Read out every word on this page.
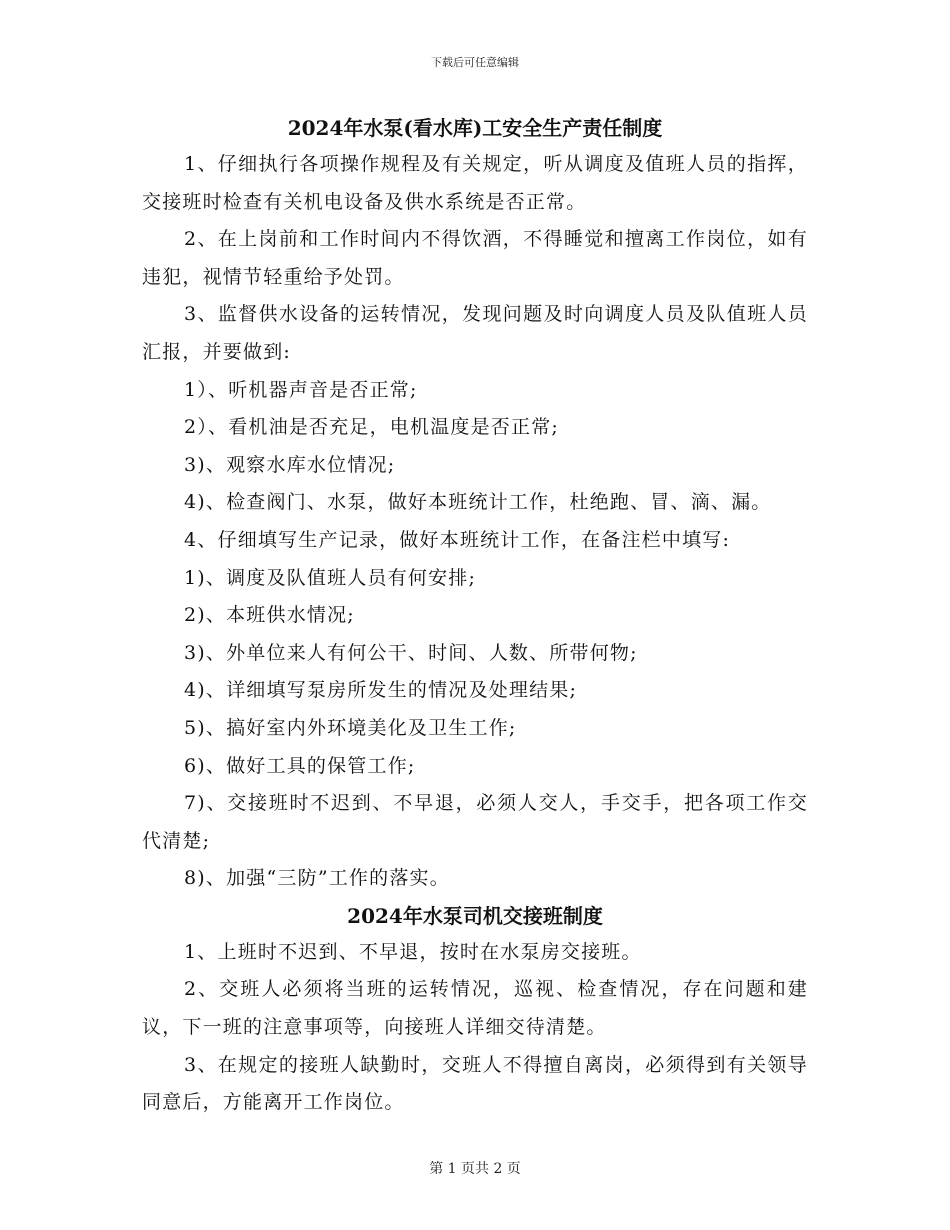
下载后可任意编辑
2024年水泵(看水库)工安全生产责任制度

1、仔细执行各项操作规程及有关规定，听从调度及值班人员的指挥，交接班时检查有关机电设备及供水系统是否正常。

2、在上岗前和工作时间内不得饮酒，不得睡觉和擅离工作岗位，如有违犯，视情节轻重给予处罚。

3、监督供水设备的运转情况，发现问题及时向调度人员及队值班人员汇报，并要做到:

1）、听机器声音是否正常;

2）、看机油是否充足，电机温度是否正常;

3)、观察水库水位情况;

4)、检查阀门、水泵，做好本班统计工作，杜绝跑、冒、滴、漏。

4、仔细填写生产记录，做好本班统计工作，在备注栏中填写:

1)、调度及队值班人员有何安排;

2)、本班供水情况;

3)、外单位来人有何公干、时间、人数、所带何物;

4)、详细填写泵房所发生的情况及处理结果;

5)、搞好室内外环境美化及卫生工作;

6)、做好工具的保管工作;

7)、交接班时不迟到、不早退，必须人交人，手交手，把各项工作交代清楚;

8)、加强“三防”工作的落实。

2024年水泵司机交接班制度

1、上班时不迟到、不早退，按时在水泵房交接班。

2、交班人必须将当班的运转情况，巡视、检查情况，存在问题和建议，下一班的注意事项等，向接班人详细交待清楚。

3、在规定的接班人缺勤时，交班人不得擅自离岗，必须得到有关领导同意后，方能离开工作岗位。

第 1 页共 2 页
